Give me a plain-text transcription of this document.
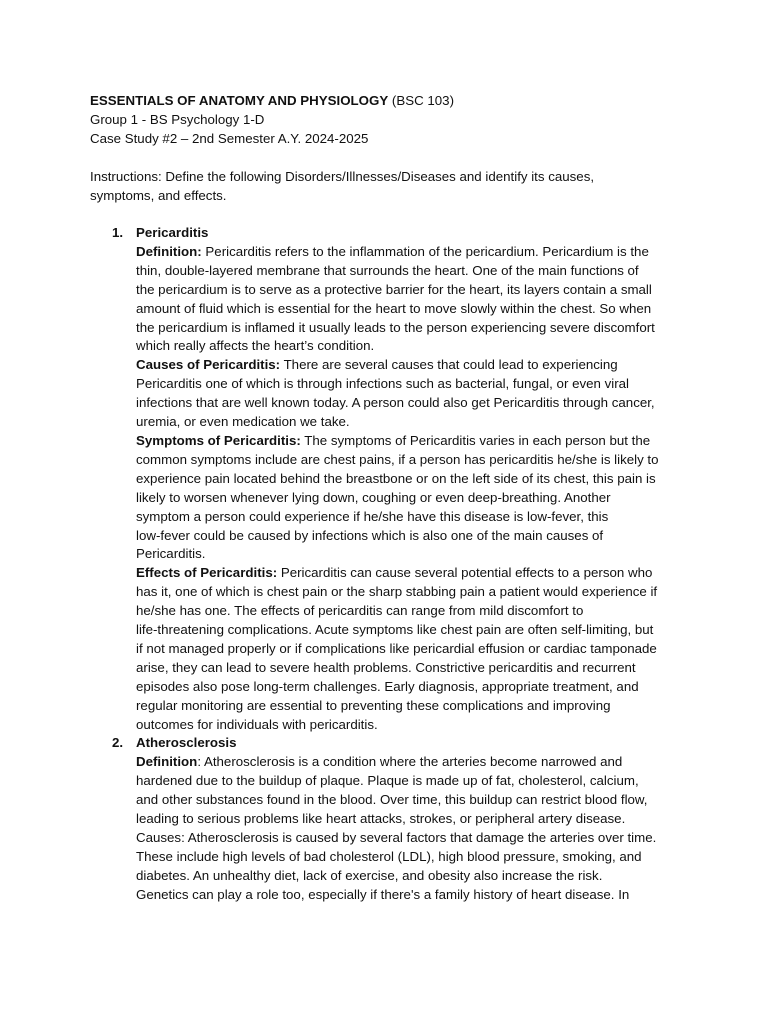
ESSENTIALS OF ANATOMY AND PHYSIOLOGY (BSC 103)
Group 1 - BS Psychology 1-D
Case Study #2 – 2nd Semester A.Y. 2024-2025
Instructions: Define the following Disorders/Illnesses/Diseases and identify its causes,
symptoms, and effects.
1. Pericarditis
Definition: Pericarditis refers to the inflammation of the pericardium. Pericardium is the
thin, double-layered membrane that surrounds the heart. One of the main functions of
the pericardium is to serve as a protective barrier for the heart, its layers contain a small
amount of fluid which is essential for the heart to move slowly within the chest. So when
the pericardium is inflamed it usually leads to the person experiencing severe discomfort
which really affects the heart’s condition.
Causes of Pericarditis: There are several causes that could lead to experiencing
Pericarditis one of which is through infections such as bacterial, fungal, or even viral
infections that are well known today. A person could also get Pericarditis through cancer,
uremia, or even medication we take.
Symptoms of Pericarditis: The symptoms of Pericarditis varies in each person but the
common symptoms include are chest pains, if a person has pericarditis he/she is likely to
experience pain located behind the breastbone or on the left side of its chest, this pain is
likely to worsen whenever lying down, coughing or even deep-breathing. Another
symptom a person could experience if he/she have this disease is low-fever, this
low-fever could be caused by infections which is also one of the main causes of
Pericarditis.
Effects of Pericarditis: Pericarditis can cause several potential effects to a person who
has it, one of which is chest pain or the sharp stabbing pain a patient would experience if
he/she has one. The effects of pericarditis can range from mild discomfort to
life-threatening complications. Acute symptoms like chest pain are often self-limiting, but
if not managed properly or if complications like pericardial effusion or cardiac tamponade
arise, they can lead to severe health problems. Constrictive pericarditis and recurrent
episodes also pose long-term challenges. Early diagnosis, appropriate treatment, and
regular monitoring are essential to preventing these complications and improving
outcomes for individuals with pericarditis.
2. Atherosclerosis
Definition: Atherosclerosis is a condition where the arteries become narrowed and
hardened due to the buildup of plaque. Plaque is made up of fat, cholesterol, calcium,
and other substances found in the blood. Over time, this buildup can restrict blood flow,
leading to serious problems like heart attacks, strokes, or peripheral artery disease.
Causes: Atherosclerosis is caused by several factors that damage the arteries over time.
These include high levels of bad cholesterol (LDL), high blood pressure, smoking, and
diabetes. An unhealthy diet, lack of exercise, and obesity also increase the risk.
Genetics can play a role too, especially if there's a family history of heart disease. In
